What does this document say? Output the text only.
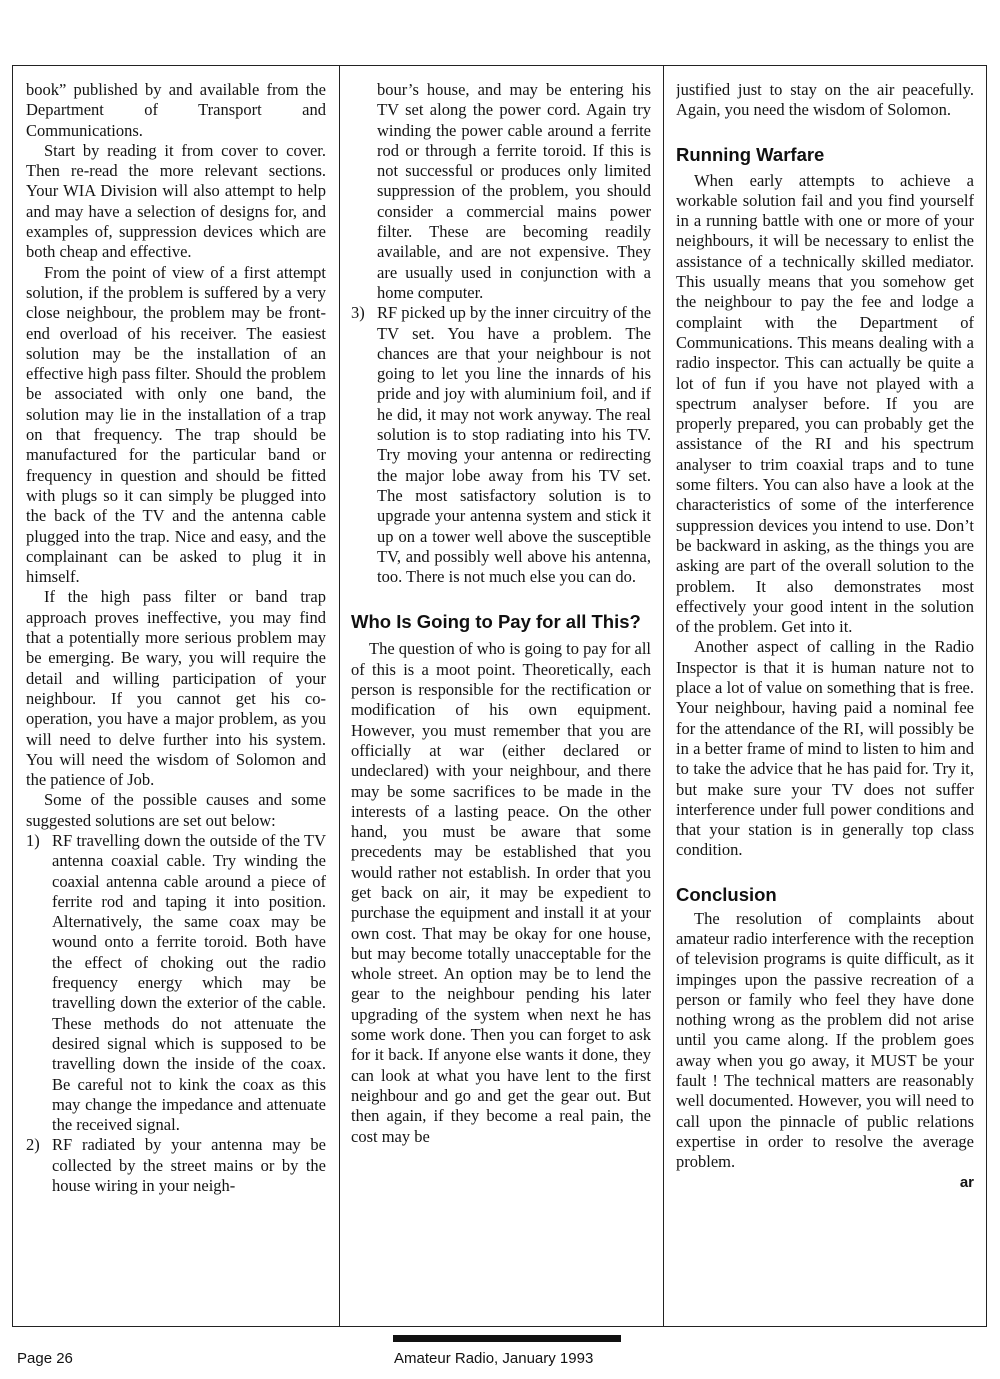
book” published by and available from the Department of Transport and Communications.

Start by reading it from cover to cover. Then re-read the more relevant sections. Your WIA Division will also attempt to help and may have a selection of designs for, and examples of, suppression devices which are both cheap and effective.

From the point of view of a first attempt solution, if the problem is suffered by a very close neighbour, the problem may be front-end overload of his receiver. The easiest solution may be the installation of an effective high pass filter. Should the problem be associated with only one band, the solution may lie in the installation of a trap on that frequency. The trap should be manufactured for the particular band or frequency in question and should be fitted with plugs so it can simply be plugged into the back of the TV and the antenna cable plugged into the trap. Nice and easy, and the complainant can be asked to plug it in himself.

If the high pass filter or band trap approach proves ineffective, you may find that a potentially more serious problem may be emerging. Be wary, you will require the detail and willing participation of your neighbour. If you cannot get his co-operation, you have a major problem, as you will need to delve further into his system. You will need the wisdom of Solomon and the patience of Job.

Some of the possible causes and some suggested solutions are set out below:

1) RF travelling down the outside of the TV antenna coaxial cable. Try winding the coaxial antenna cable around a piece of ferrite rod and taping it into position. Alternatively, the same coax may be wound onto a ferrite toroid. Both have the effect of choking out the radio frequency energy which may be travelling down the exterior of the cable. These methods do not attenuate the desired signal which is supposed to be travelling down the inside of the coax. Be careful not to kink the coax as this may change the impedance and attenuate the received signal.
2) RF radiated by your antenna may be collected by the street mains or by the house wiring in your neigh-
bour’s house, and may be entering his TV set along the power cord. Again try winding the power cable around a ferrite rod or through a ferrite toroid. If this is not successful or produces only limited suppression of the problem, you should consider a commercial mains power filter. These are becoming readily available, and are not expensive. They are usually used in conjunction with a home computer.
3) RF picked up by the inner circuitry of the TV set. You have a problem. The chances are that your neighbour is not going to let you line the innards of his pride and joy with aluminium foil, and if he did, it may not work anyway. The real solution is to stop radiating into his TV. Try moving your antenna or redirecting the major lobe away from his TV set. The most satisfactory solution is to upgrade your antenna system and stick it up on a tower well above the susceptible TV, and possibly well above his antenna, too. There is not much else you can do.
Who Is Going to Pay for all This?

The question of who is going to pay for all of this is a moot point. Theoretically, each person is responsible for the rectification or modification of his own equipment. However, you must remember that you are officially at war (either declared or undeclared) with your neighbour, and there may be some sacrifices to be made in the interests of a lasting peace. On the other hand, you must be aware that some precedents may be established that you would rather not establish. In order that you get back on air, it may be expedient to purchase the equipment and install it at your own cost. That may be okay for one house, but may become totally unacceptable for the whole street. An option may be to lend the gear to the neighbour pending his later upgrading of the system when next he has some work done. Then you can forget to ask for it back. If anyone else wants it done, they can look at what you have lent to the first neighbour and go and get the gear out. But then again, if they become a real pain, the cost may be

justified just to stay on the air peacefully. Again, you need the wisdom of Solomon.

Running Warfare

When early attempts to achieve a workable solution fail and you find yourself in a running battle with one or more of your neighbours, it will be necessary to enlist the assistance of a technically skilled mediator. This usually means that you somehow get the neighbour to pay the fee and lodge a complaint with the Department of Communications. This means dealing with a radio inspector. This can actually be quite a lot of fun if you have not played with a spectrum analyser before. If you are properly prepared, you can probably get the assistance of the RI and his spectrum analyser to trim coaxial traps and to tune some filters. You can also have a look at the characteristics of some of the interference suppression devices you intend to use. Don’t be backward in asking, as the things you are asking are part of the overall solution to the problem. It also demonstrates most effectively your good intent in the solution of the problem. Get into it.

Another aspect of calling in the Radio Inspector is that it is human nature not to place a lot of value on something that is free. Your neighbour, having paid a nominal fee for the attendance of the RI, will possibly be in a better frame of mind to listen to him and to take the advice that he has paid for. Try it, but make sure your TV does not suffer interference under full power conditions and that your station is in generally top class condition.

Conclusion

The resolution of complaints about amateur radio interference with the reception of television programs is quite difficult, as it impinges upon the passive recreation of a person or family who feel they have done nothing wrong as the problem did not arise until you came along. If the problem goes away when you go away, it MUST be your fault ! The technical matters are reasonably well documented. However, you will need to call upon the pinnacle of public relations expertise in order to resolve the average problem.

ar
Page 26	Amateur Radio, January 1993
